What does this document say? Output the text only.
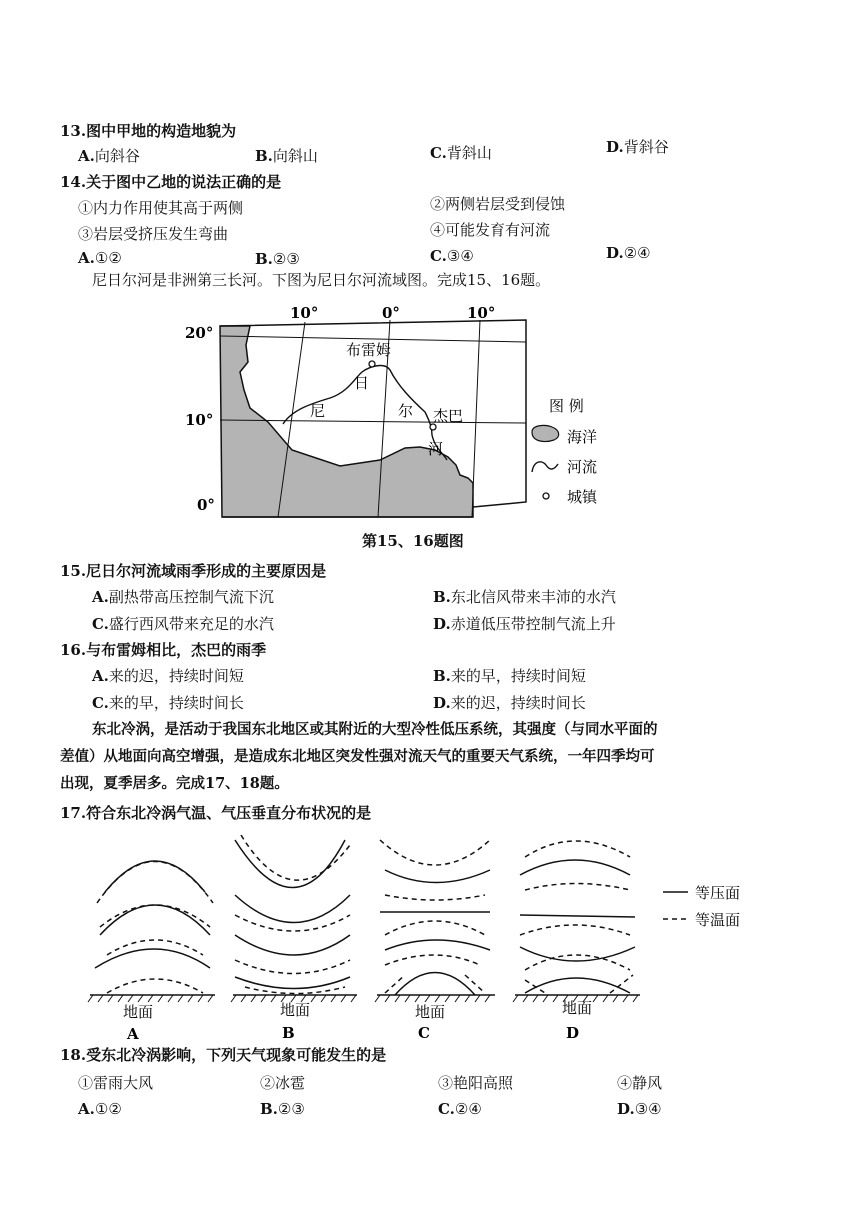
13.图中甲地的构造地貌为
A.向斜谷	B.向斜山	C.背斜山	D.背斜谷
14.关于图中乙地的说法正确的是
①内力作用使其高于两侧	②两侧岩层受到侵蚀
③岩层受挤压发生弯曲	④可能发育有河流
A.①②	B.②③	C.③④	D.②④
尼日尔河是非洲第三长河。下图为尼日尔河流域图。完成15、16题。
10°	0°	10°
20°
10°
0°
布雷姆
日
尼	尔 杰巴
河
图 例
海洋
河流
城镇
第15、16题图
15.尼日尔河流域雨季形成的主要原因是
A.副热带高压控制气流下沉	B.东北信风带来丰沛的水汽
C.盛行西风带来充足的水汽	D.赤道低压带控制气流上升
16.与布雷姆相比，杰巴的雨季
A.来的迟，持续时间短	B.来的早，持续时间短
C.来的早，持续时间长	D.来的迟，持续时间长
东北冷涡，是活动于我国东北地区或其附近的大型冷性低压系统，其强度（与同水平面的
差值）从地面向高空增强，是造成东北地区突发性强对流天气的重要天气系统，一年四季均可
出现，夏季居多。完成17、18题。
17.符合东北冷涡气温、气压垂直分布状况的是
地面	地面	地面	地面
A	B	C	D
等压面
等温面
18.受东北冷涡影响，下列天气现象可能发生的是
①雷雨大风	②冰雹	③艳阳高照	④静风
A.①②	B.②③	C.②④	D.③④
